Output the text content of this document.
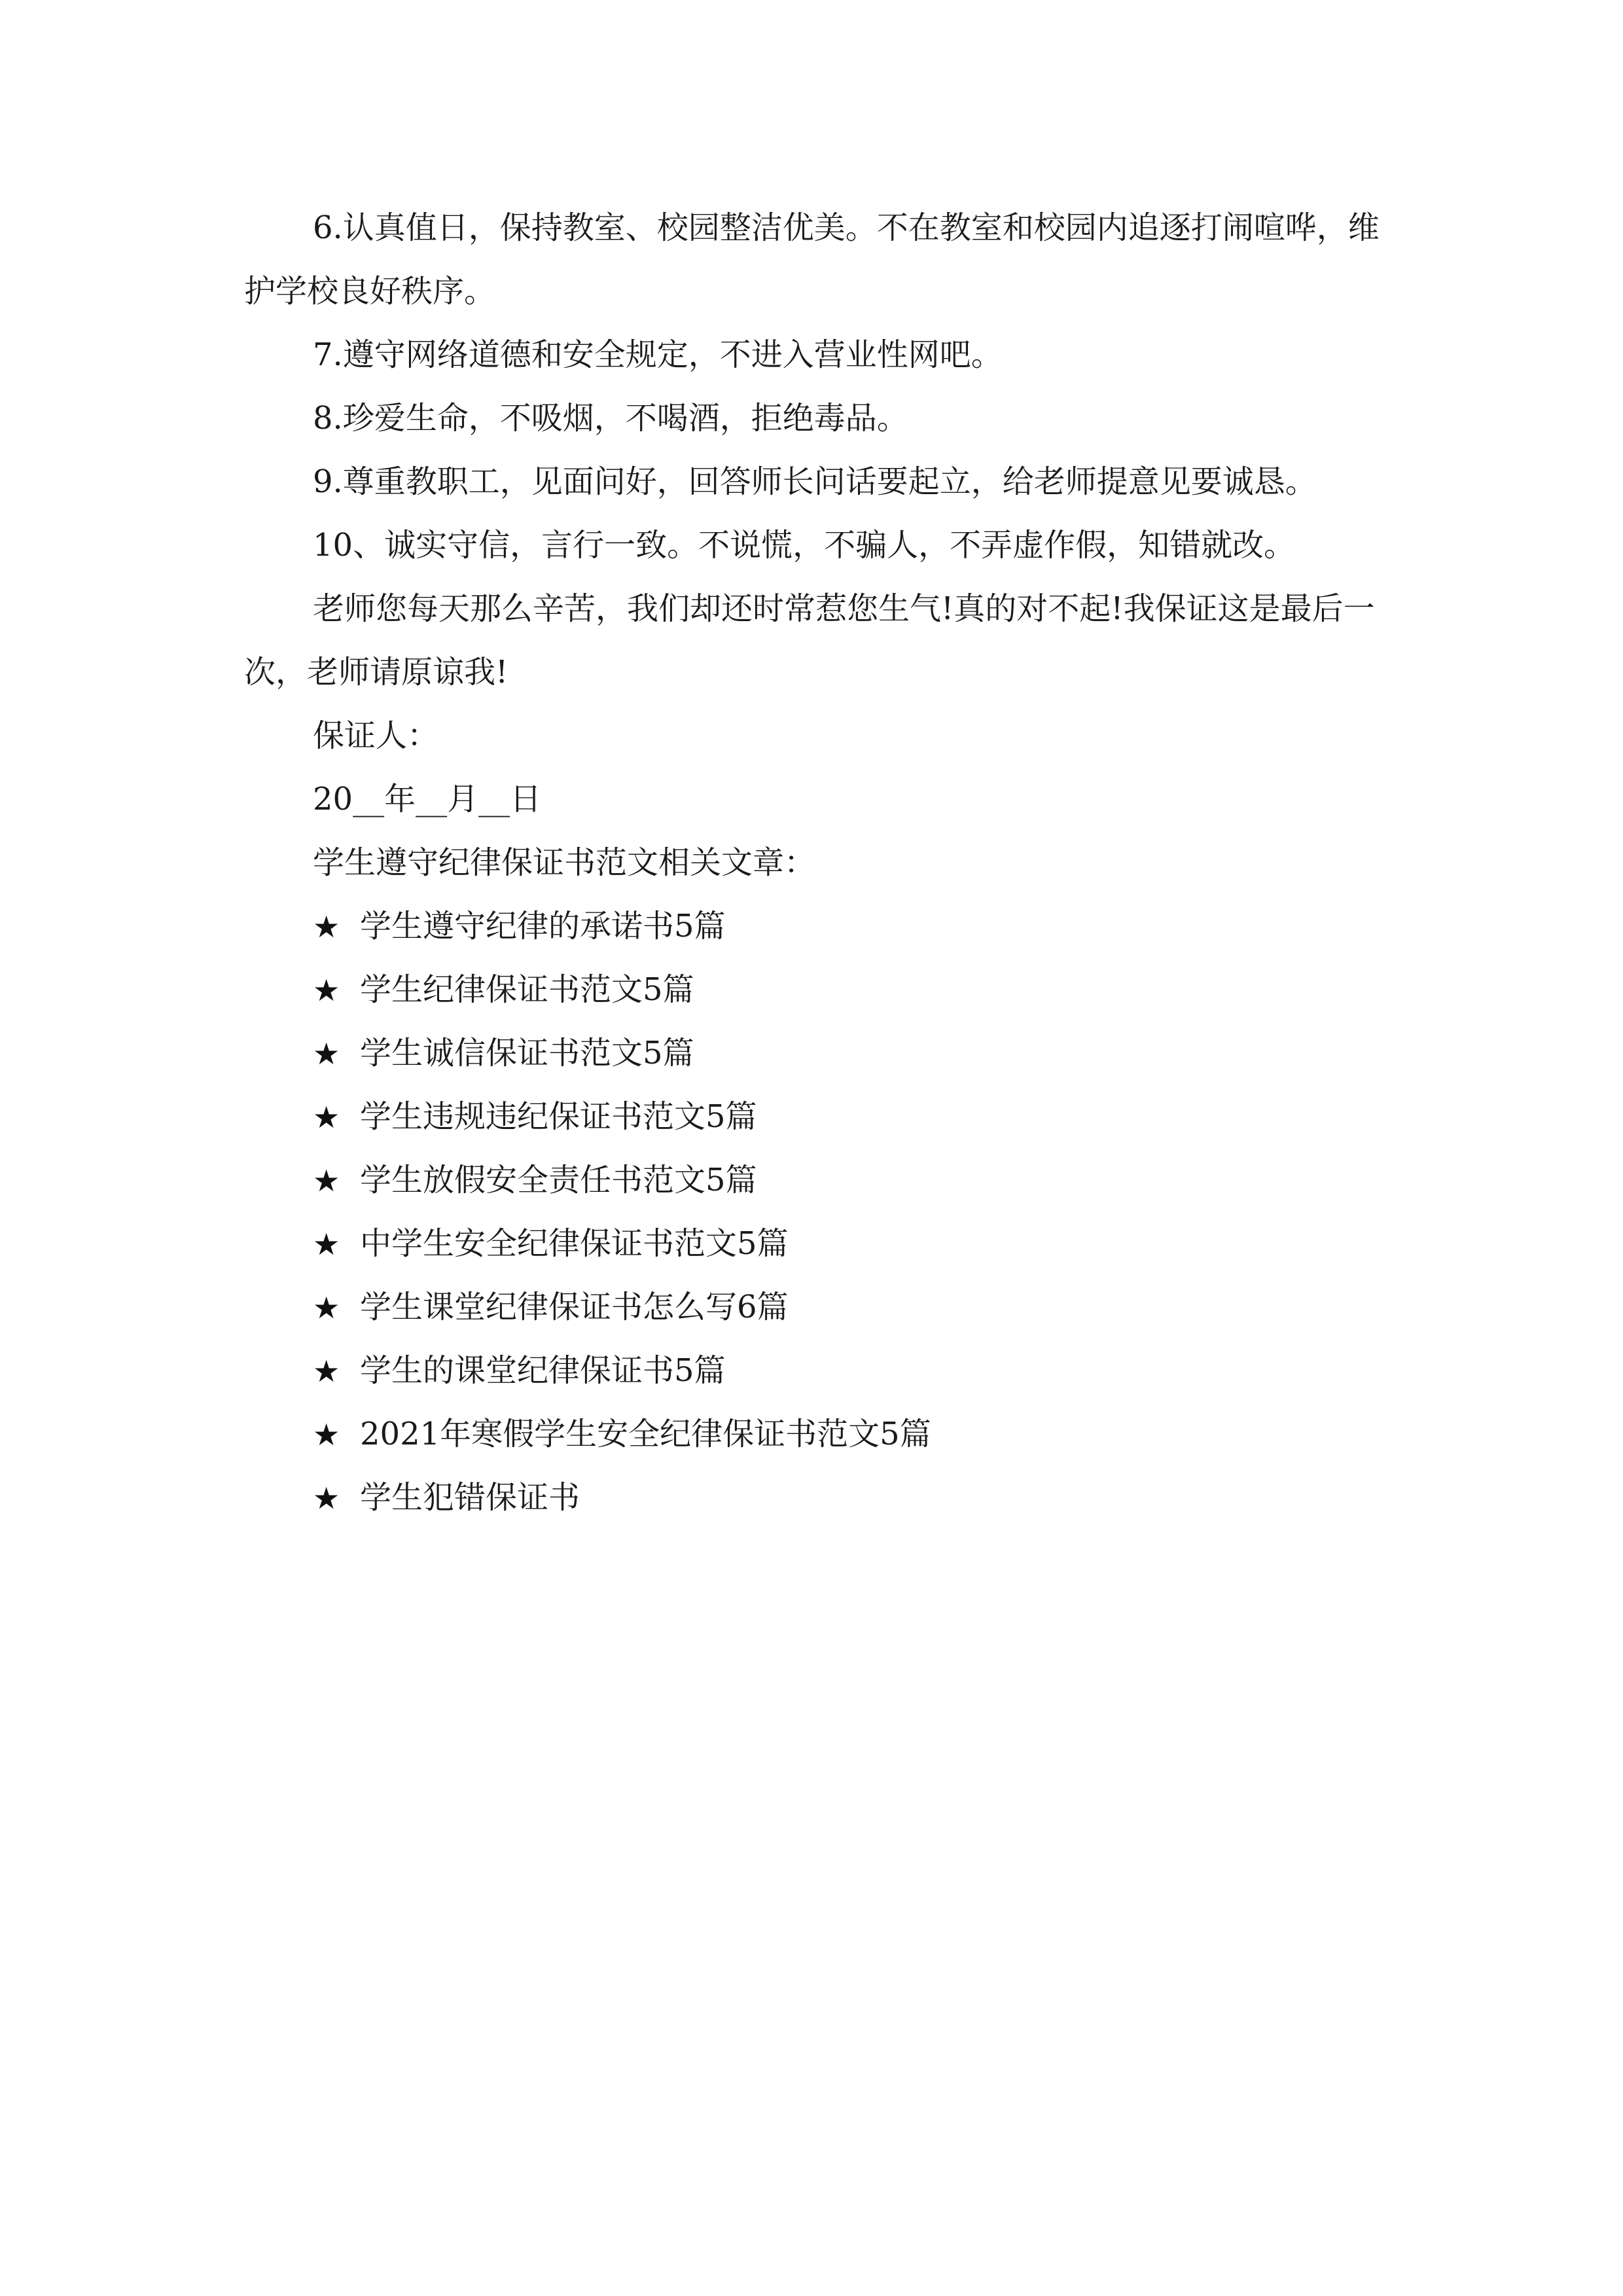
6.认真值日，保持教室、校园整洁优美。不在教室和校园内追逐打闹喧哗，维护学校良好秩序。

7.遵守网络道德和安全规定，不进入营业性网吧。

8.珍爱生命，不吸烟，不喝酒，拒绝毒品。

9.尊重教职工，见面问好，回答师长问话要起立，给老师提意见要诚恳。

10、诚实守信，言行一致。不说慌，不骗人，不弄虚作假，知错就改。

老师您每天那么辛苦，我们却还时常惹您生气!真的对不起!我保证这是最后一次，老师请原谅我!

保证人：

20__年__月__日

学生遵守纪律保证书范文相关文章：

★ 学生遵守纪律的承诺书5篇
★ 学生纪律保证书范文5篇
★ 学生诚信保证书范文5篇
★ 学生违规违纪保证书范文5篇
★ 学生放假安全责任书范文5篇
★ 中学生安全纪律保证书范文5篇
★ 学生课堂纪律保证书怎么写6篇
★ 学生的课堂纪律保证书5篇
★ 2021年寒假学生安全纪律保证书范文5篇
★ 学生犯错保证书
